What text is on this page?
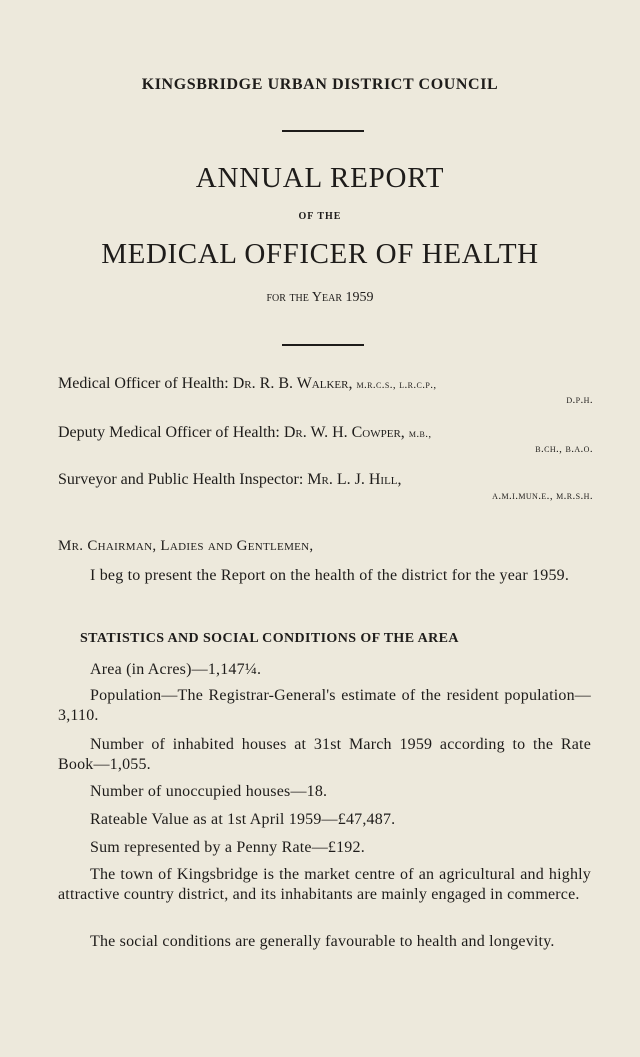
KINGSBRIDGE URBAN DISTRICT COUNCIL
ANNUAL REPORT
OF THE
MEDICAL OFFICER OF HEALTH
for the Year 1959
Medical Officer of Health: Dr. R. B. Walker, m.r.c.s., l.r.c.p.,
d.p.h.
Deputy Medical Officer of Health: Dr. W. H. Cowper, m.b.,
b.ch., b.a.o.
Surveyor and Public Health Inspector: Mr. L. J. Hill,
a.m.i.mun.e., m.r.s.h.
Mr. Chairman, Ladies and Gentlemen,
I beg to present the Report on the health of the district for the year 1959.
STATISTICS AND SOCIAL CONDITIONS OF THE AREA
Area (in Acres)—1,147¼.
Population—The Registrar-General's estimate of the resident population—3,110.
Number of inhabited houses at 31st March 1959 according to the Rate Book—1,055.
Number of unoccupied houses—18.
Rateable Value as at 1st April 1959—£47,487.
Sum represented by a Penny Rate—£192.
The town of Kingsbridge is the market centre of an agricultural and highly attractive country district, and its inhabitants are mainly engaged in commerce.
The social conditions are generally favourable to health and longevity.
